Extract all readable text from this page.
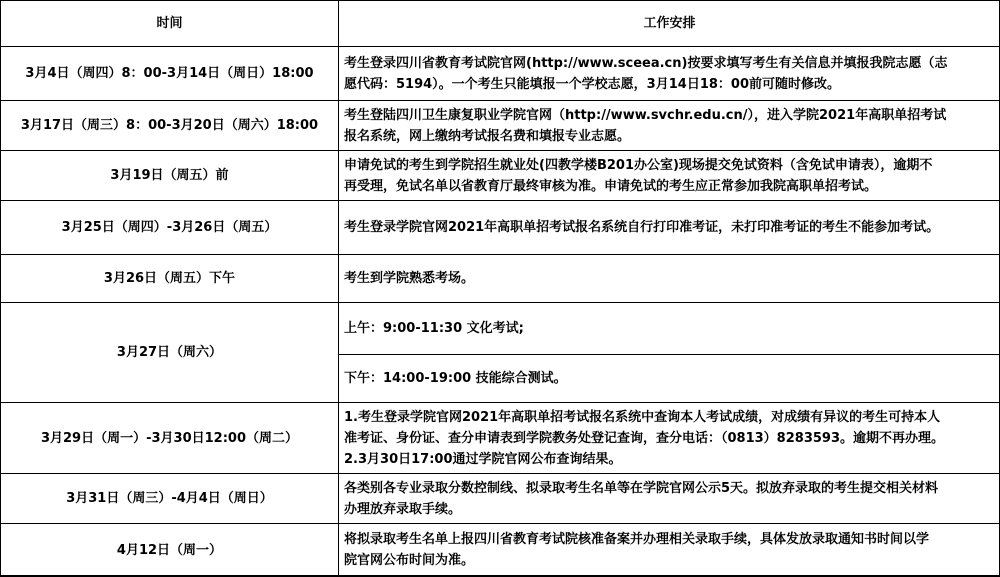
时间	工作安排
3月4日（周四）8：00-3月14日（周日）18:00	考生登录四川省教育考试院官网(http://www.sceea.cn)按要求填写考生有关信息并填报我院志愿（志
愿代码：5194）。一个考生只能填报一个学校志愿，3月14日18：00前可随时修改。

3月17日（周三）8：00-3月20日（周六）18:00	考生登陆四川卫生康复职业学院官网（http://www.svchr.edu.cn/），进入学院2021年高职单招考试
报名系统，网上缴纳考试报名费和填报专业志愿。

3月19日（周五）前	申请免试的考生到学院招生就业处(四教学楼B201办公室)现场提交免试资料（含免试申请表），逾期不
再受理，免试名单以省教育厅最终审核为准。申请免试的考生应正常参加我院高职单招考试。

3月25日（周四）-3月26日（周五）	考生登录学院官网2021年高职单招考试报名系统自行打印准考证，未打印准考证的考生不能参加考试。

3月26日（周五）下午	考生到学院熟悉考场。

3月27日（周六）	上午：9:00-11:30 文化考试;

	下午：14:00-19:00 技能综合测试。

3月29日（周一）-3月30日12:00（周二）	1.考生登录学院官网2021年高职单招考试报名系统中查询本人考试成绩，对成绩有异议的考生可持本人
准考证、身份证、查分申请表到学院教务处登记查询，查分电话：（0813）8283593。逾期不再办理。
2.3月30日17:00通过学院官网公布查询结果。

3月31日（周三）-4月4日（周日）	各类别各专业录取分数控制线、拟录取考生名单等在学院官网公示5天。拟放弃录取的考生提交相关材料
办理放弃录取手续。

4月12日（周一）	将拟录取考生名单上报四川省教育考试院核准备案并办理相关录取手续，具体发放录取通知书时间以学
院官网公布时间为准。
